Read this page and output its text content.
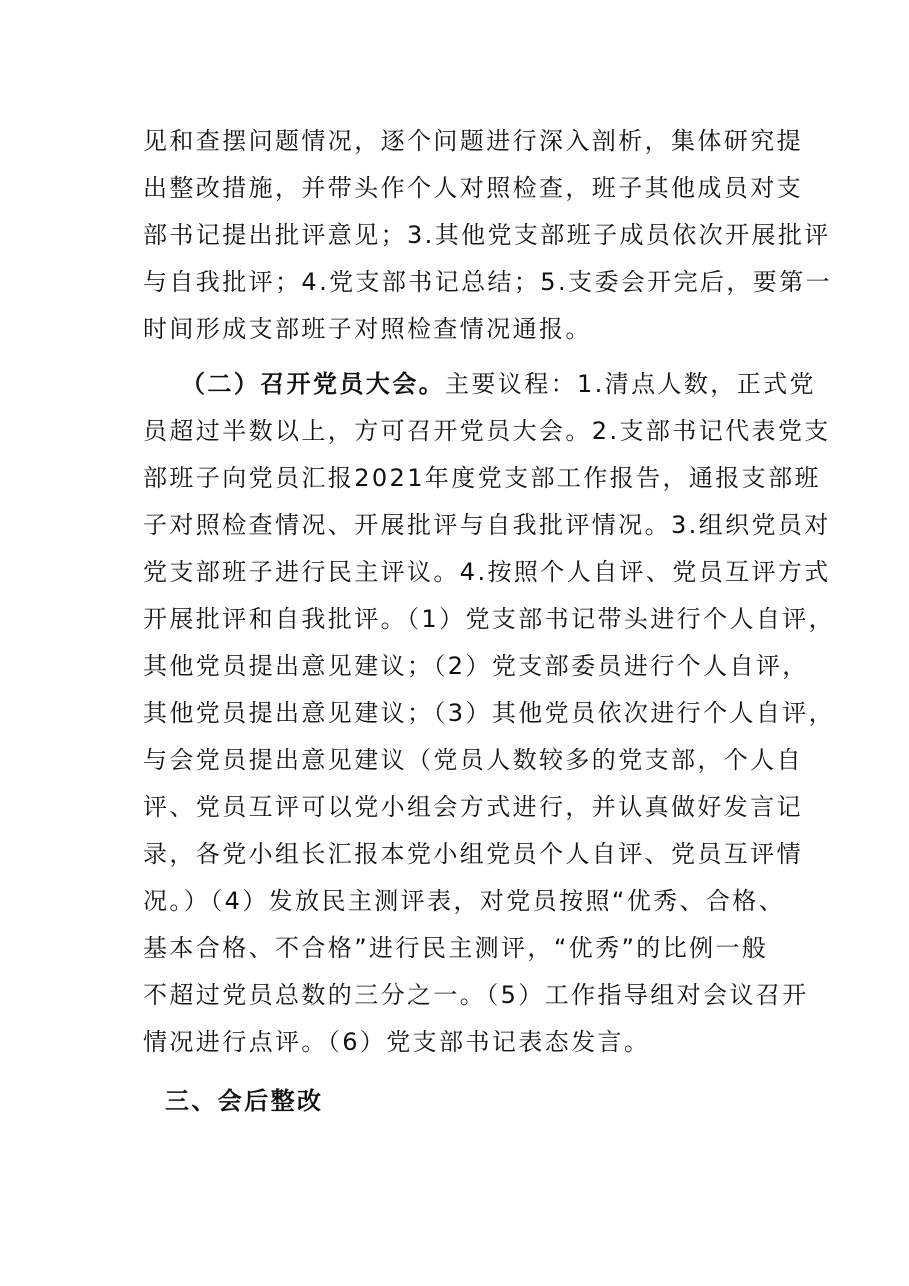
见和查摆问题情况，逐个问题进行深入剖析，集体研究提
出整改措施，并带头作个人对照检查，班子其他成员对支
部书记提出批评意见；3.其他党支部班子成员依次开展批评
与自我批评；4.党支部书记总结；5.支委会开完后，要第一
时间形成支部班子对照检查情况通报。
（二）召开党员大会。主要议程：1.清点人数，正式党
员超过半数以上，方可召开党员大会。2.支部书记代表党支
部班子向党员汇报2021年度党支部工作报告，通报支部班
子对照检查情况、开展批评与自我批评情况。3.组织党员对
党支部班子进行民主评议。4.按照个人自评、党员互评方式
开展批评和自我批评。（1）党支部书记带头进行个人自评，
其他党员提出意见建议；（2）党支部委员进行个人自评，
其他党员提出意见建议；（3）其他党员依次进行个人自评，
与会党员提出意见建议（党员人数较多的党支部，个人自
评、党员互评可以党小组会方式进行，并认真做好发言记
录，各党小组长汇报本党小组党员个人自评、党员互评情
况。）（4）发放民主测评表，对党员按照“优秀、合格、
基本合格、不合格”进行民主测评，“优秀”的比例一般
不超过党员总数的三分之一。（5）工作指导组对会议召开
情况进行点评。（6）党支部书记表态发言。
三、会后整改
